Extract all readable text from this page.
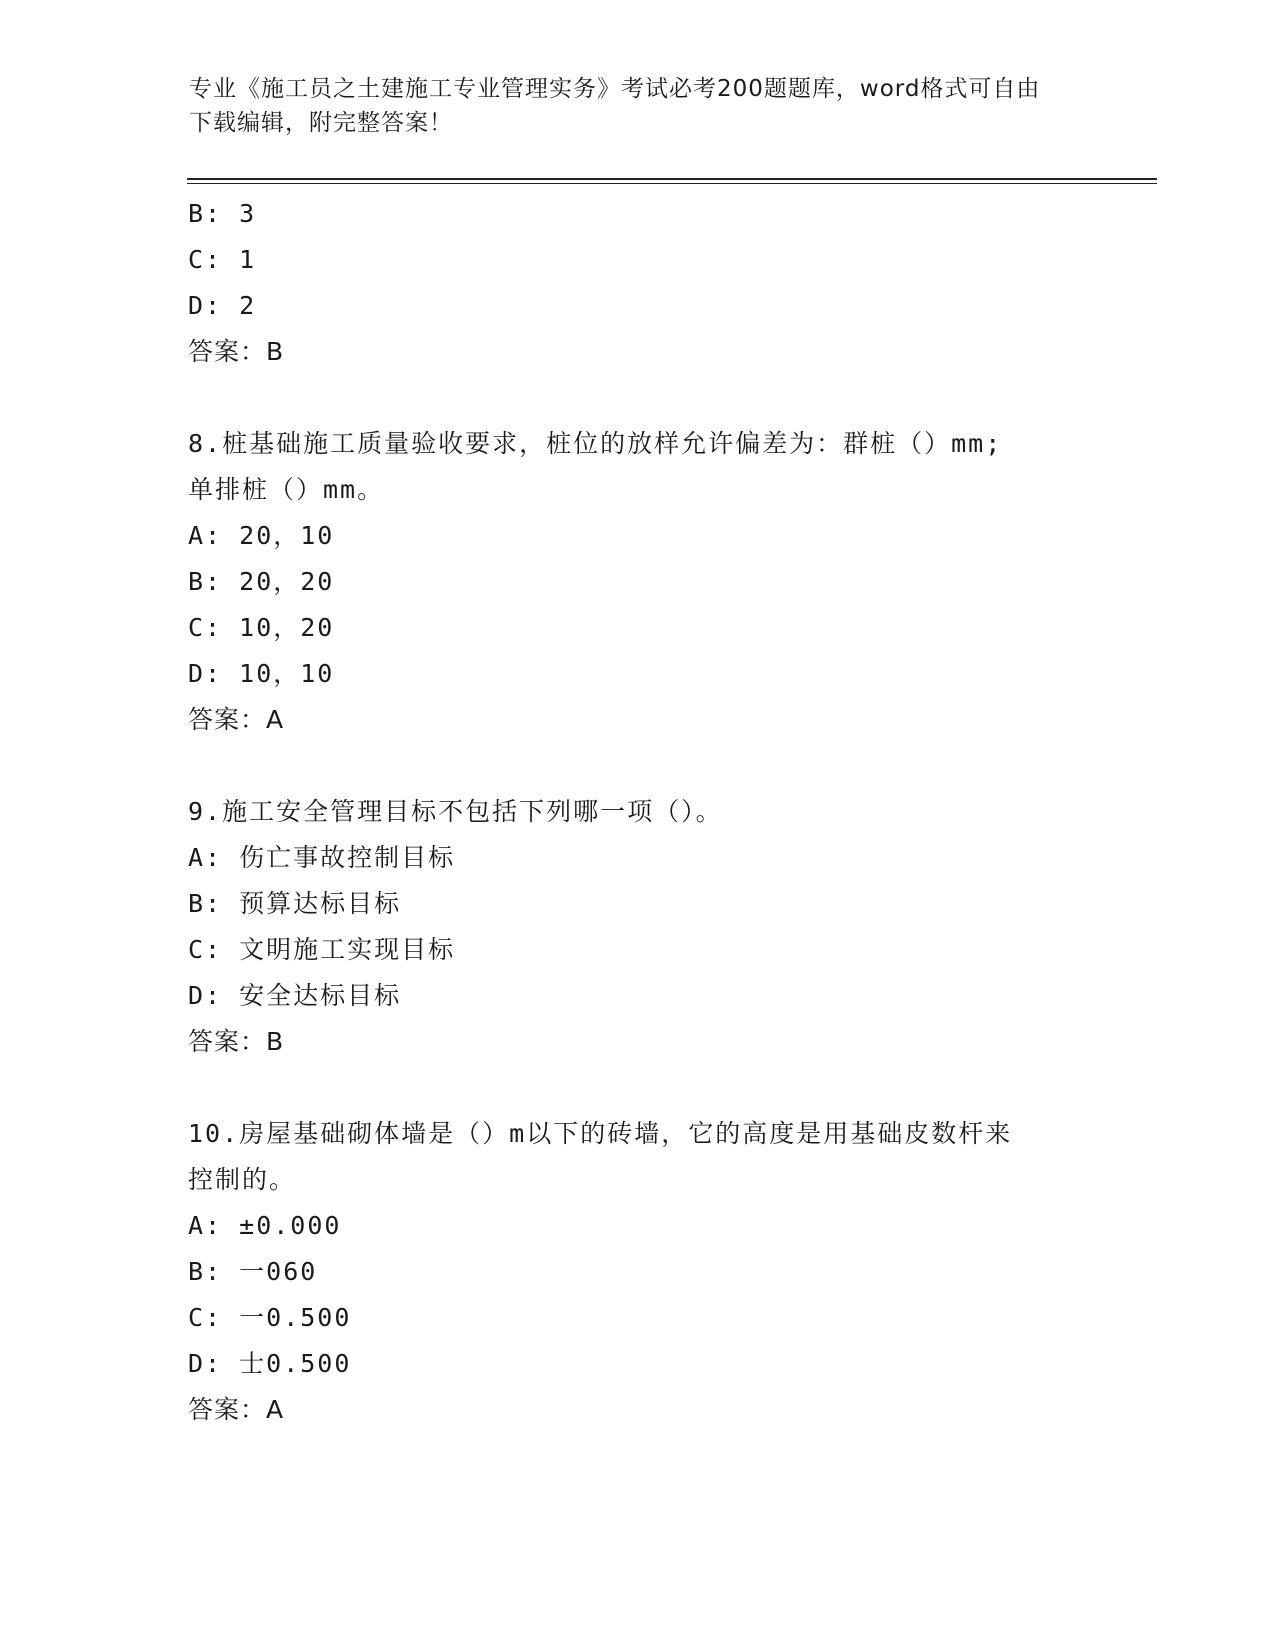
专业《施工员之土建施工专业管理实务》考试必考200题题库，word格式可自由
下载编辑，附完整答案！
B: 3
C: 1
D: 2
答案：B
8.桩基础施工质量验收要求，桩位的放样允许偏差为：群桩（）mm;
单排桩（）mm。
A: 20，10
B: 20，20
C: 10，20
D: 10，10
答案：A
9.施工安全管理目标不包括下列哪一项（）。
A: 伤亡事故控制目标
B: 预算达标目标
C: 文明施工实现目标
D: 安全达标目标
答案：B
10.房屋基础砌体墙是（）m以下的砖墙，它的高度是用基础皮数杆来
控制的。
A: ±0.000
B: 一060
C: 一0.500
D: 士0.500
答案：A
